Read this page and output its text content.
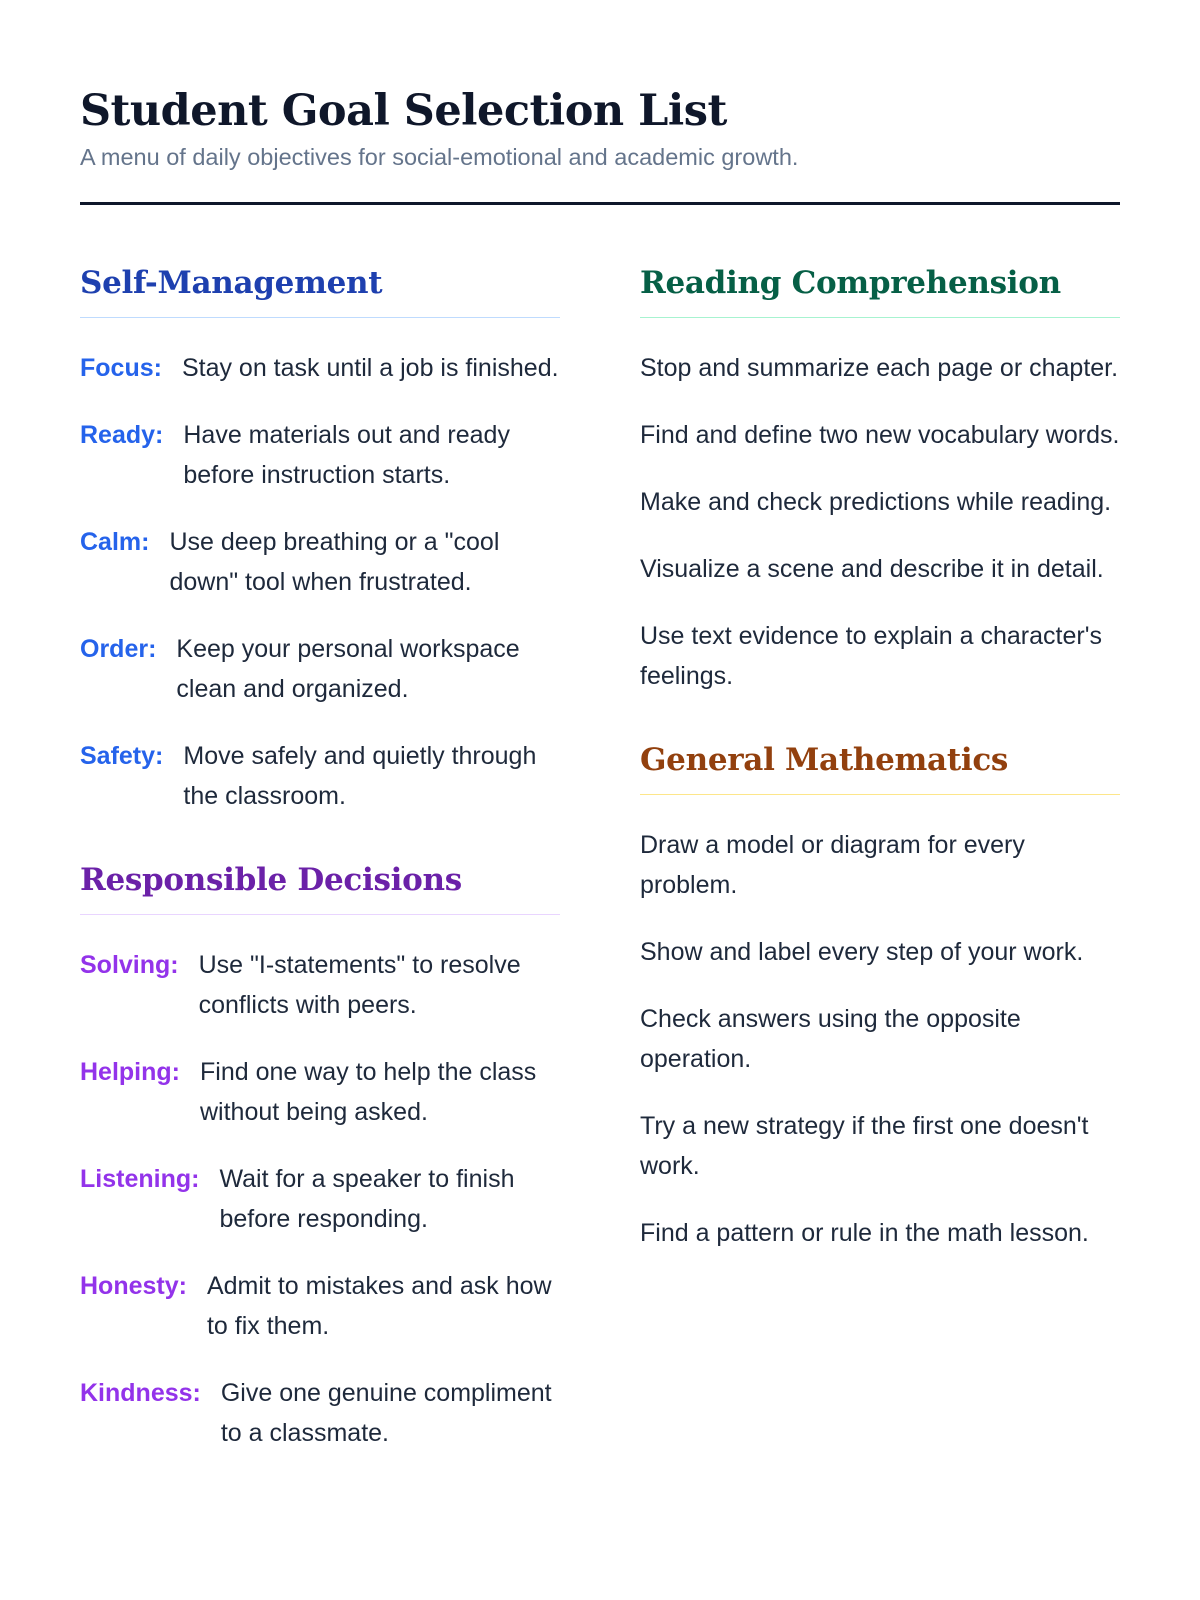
Student Goal Selection List

A menu of daily objectives for social-emotional and academic growth.

Self-Management
Focus: Stay on task until a job is finished.
Ready: Have materials out and ready before instruction starts.
Calm: Use deep breathing or a "cool down" tool when frustrated.
Order: Keep your personal workspace clean and organized.
Safety: Move safely and quietly through the classroom.
Responsible Decisions
Solving: Use "I-statements" to resolve conflicts with peers.
Helping: Find one way to help the class without being asked.
Listening: Wait for a speaker to finish before responding.
Honesty: Admit to mistakes and ask how to fix them.
Kindness: Give one genuine compliment to a classmate.
Reading Comprehension

Stop and summarize each page or chapter.

Find and define two new vocabulary words.

Make and check predictions while reading.

Visualize a scene and describe it in detail.

Use text evidence to explain a character's feelings.

General Mathematics

Draw a model or diagram for every problem.

Show and label every step of your work.

Check answers using the opposite operation.

Try a new strategy if the first one doesn't work.

Find a pattern or rule in the math lesson.
